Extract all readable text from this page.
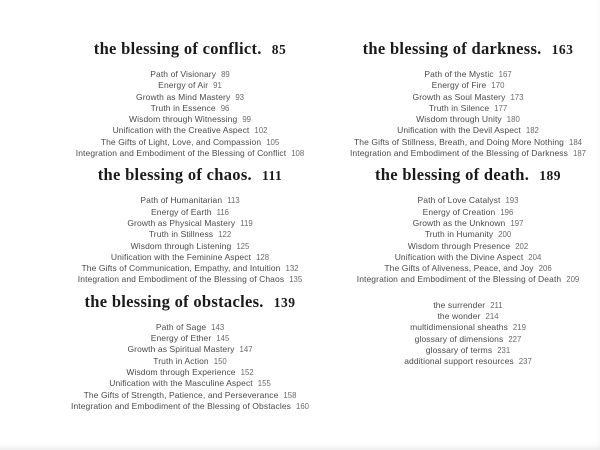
the blessing of conflict. 85
Path of Visionary 89
Energy of Air 91
Growth as Mind Mastery 93
Truth in Essence 96
Wisdom through Witnessing 99
Unification with the Creative Aspect 102
The Gifts of Light, Love, and Compassion 105
Integration and Embodiment of the Blessing of Conflict 108
the blessing of chaos. 111
Path of Humanitarian 113
Energy of Earth 116
Growth as Physical Mastery 119
Truth in Stillness 122
Wisdom through Listening 125
Unification with the Feminine Aspect 128
The Gifts of Communication, Empathy, and Intuition 132
Integration and Embodiment of the Blessing of Chaos 135
the blessing of obstacles. 139
Path of Sage 143
Energy of Ether 145
Growth as Spiritual Mastery 147
Truth in Action 150
Wisdom through Experience 152
Unification with the Masculine Aspect 155
The Gifts of Strength, Patience, and Perseverance 158
Integration and Embodiment of the Blessing of Obstacles 160
the blessing of darkness. 163
Path of the Mystic 167
Energy of Fire 170
Growth as Soul Mastery 173
Truth in Silence 177
Wisdom through Unity 180
Unification with the Devil Aspect 182
The Gifts of Stillness, Breath, and Doing More Nothing 184
Integration and Embodiment of the Blessing of Darkness 187
the blessing of death. 189
Path of Love Catalyst 193
Energy of Creation 196
Growth as the Unknown 197
Truth in Humanity 200
Wisdom through Presence 202
Unification with the Divine Aspect 204
The Gifts of Aliveness, Peace, and Joy 206
Integration and Embodiment of the Blessing of Death 209
the surrender 211
the wonder 214
multidimensional sheaths 219
glossary of dimensions 227
glossary of terms 231
additional support resources 237
